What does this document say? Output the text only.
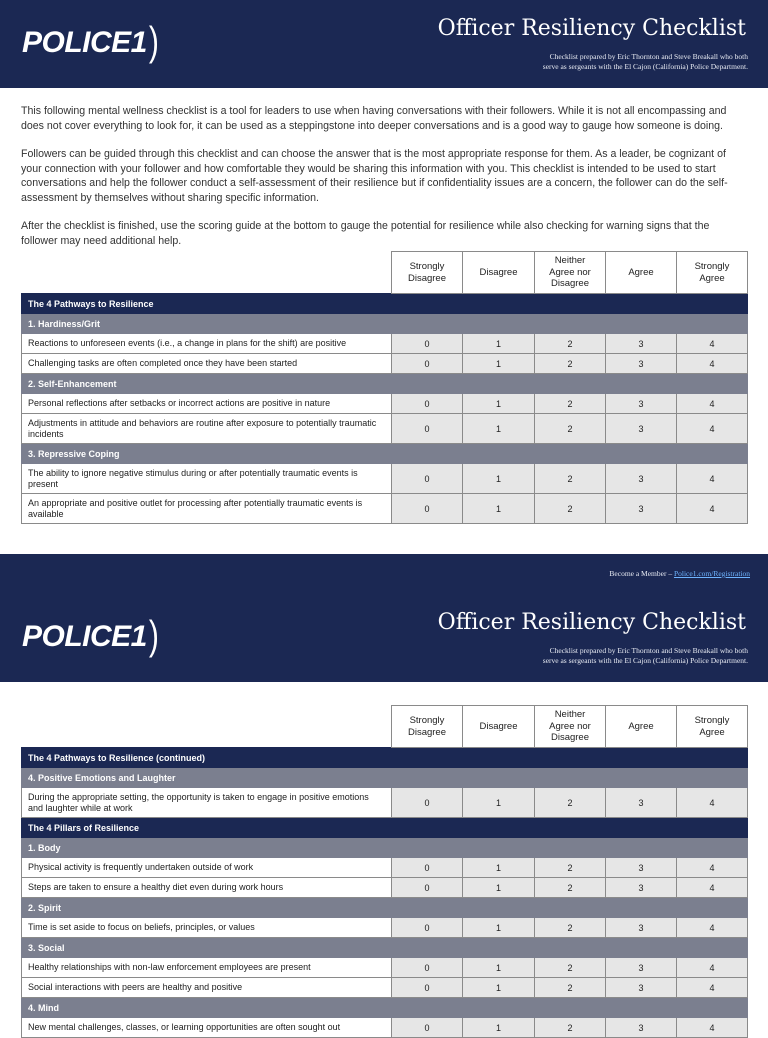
POLICE1)	Officer Resiliency Checklist
Checklist prepared by Eric Thornton and Steve Breakall who both
serve as sergeants with the El Cajon (California) Police Department.

This following mental wellness checklist is a tool for leaders to use when having conversations with their followers. While it is not all encompassing and does not cover everything to look for, it can be used as a steppingstone into deeper conversations and is a good way to gauge how someone is doing.

Followers can be guided through this checklist and can choose the answer that is the most appropriate response for them. As a leader, be cognizant of your connection with your follower and how comfortable they would be sharing this information with you. This checklist is intended to be used to start conversations and help the follower conduct a self-assessment of their resilience but if confidentiality issues are a concern, the follower can do the self-assessment by themselves without sharing specific information.

After the checklist is finished, use the scoring guide at the bottom to gauge the potential for resilience while also checking for warning signs that the follower may need additional help.

	Strongly Disagree	Disagree	Neither Agree nor Disagree	Agree	Strongly Agree
The 4 Pathways to Resilience					
1. Hardiness/Grit					
Reactions to unforeseen events (i.e., a change in plans for the shift) are positive	0	1	2	3	4
Challenging tasks are often completed once they have been started	0	1	2	3	4
2. Self-Enhancement					
Personal reflections after setbacks or incorrect actions are positive in nature	0	1	2	3	4
Adjustments in attitude and behaviors are routine after exposure to potentially traumatic incidents	0	1	2	3	4
3. Repressive Coping					
The ability to ignore negative stimulus during or after potentially traumatic events is present	0	1	2	3	4
An appropriate and positive outlet for processing after potentially traumatic events is available	0	1	2	3	4
POLICE1)	Officer Resiliency Checklist
Checklist prepared by Eric Thornton and Steve Breakall who both
serve as sergeants with the El Cajon (California) Police Department.
Become a Member – Police1.com/Registration
	Strongly Disagree	Disagree	Neither Agree nor Disagree	Agree	Strongly Agree
The 4 Pathways to Resilience (continued)					
4. Positive Emotions and Laughter					
During the appropriate setting, the opportunity is taken to engage in positive emotions and laughter while at work	0	1	2	3	4
The 4 Pillars of Resilience					
1. Body					
Physical activity is frequently undertaken outside of work	0	1	2	3	4
Steps are taken to ensure a healthy diet even during work hours	0	1	2	3	4
2. Spirit					
Time is set aside to focus on beliefs, principles, or values	0	1	2	3	4
3. Social					
Healthy relationships with non-law enforcement employees are present	0	1	2	3	4
Social interactions with peers are healthy and positive	0	1	2	3	4
4. Mind					
New mental challenges, classes, or learning opportunities are often sought out	0	1	2	3	4
